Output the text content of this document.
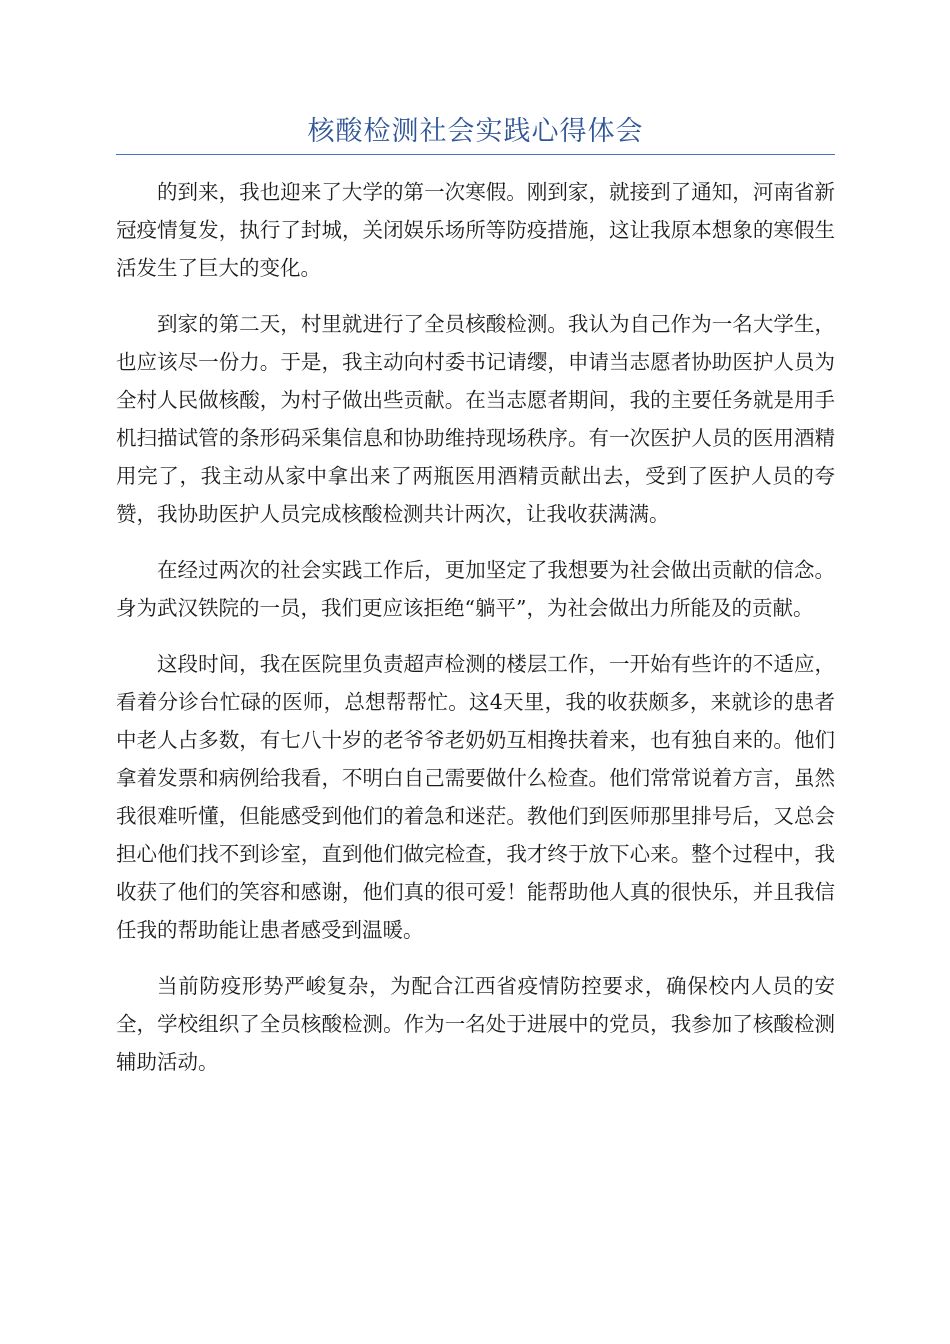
核酸检测社会实践心得体会

的到来，我也迎来了大学的第一次寒假。刚到家，就接到了通知，河南省新冠疫情复发，执行了封城，关闭娱乐场所等防疫措施，这让我原本想象的寒假生活发生了巨大的变化。

到家的第二天，村里就进行了全员核酸检测。我认为自己作为一名大学生，也应该尽一份力。于是，我主动向村委书记请缨，申请当志愿者协助医护人员为全村人民做核酸，为村子做出些贡献。在当志愿者期间，我的主要任务就是用手机扫描试管的条形码采集信息和协助维持现场秩序。有一次医护人员的医用酒精用完了，我主动从家中拿出来了两瓶医用酒精贡献出去，受到了医护人员的夸赞，我协助医护人员完成核酸检测共计两次，让我收获满满。

在经过两次的社会实践工作后，更加坚定了我想要为社会做出贡献的信念。身为武汉铁院的一员，我们更应该拒绝“躺平”，为社会做出力所能及的贡献。

这段时间，我在医院里负责超声检测的楼层工作，一开始有些许的不适应，看着分诊台忙碌的医师，总想帮帮忙。这4天里，我的收获颇多，来就诊的患者中老人占多数，有七八十岁的老爷爷老奶奶互相搀扶着来，也有独自来的。他们拿着发票和病例给我看，不明白自己需要做什么检查。他们常常说着方言，虽然我很难听懂，但能感受到他们的着急和迷茫。教他们到医师那里排号后，又总会担心他们找不到诊室，直到他们做完检查，我才终于放下心来。整个过程中，我收获了他们的笑容和感谢，他们真的很可爱！能帮助他人真的很快乐，并且我信任我的帮助能让患者感受到温暖。

当前防疫形势严峻复杂，为配合江西省疫情防控要求，确保校内人员的安全，学校组织了全员核酸检测。作为一名处于进展中的党员，我参加了核酸检测辅助活动。
